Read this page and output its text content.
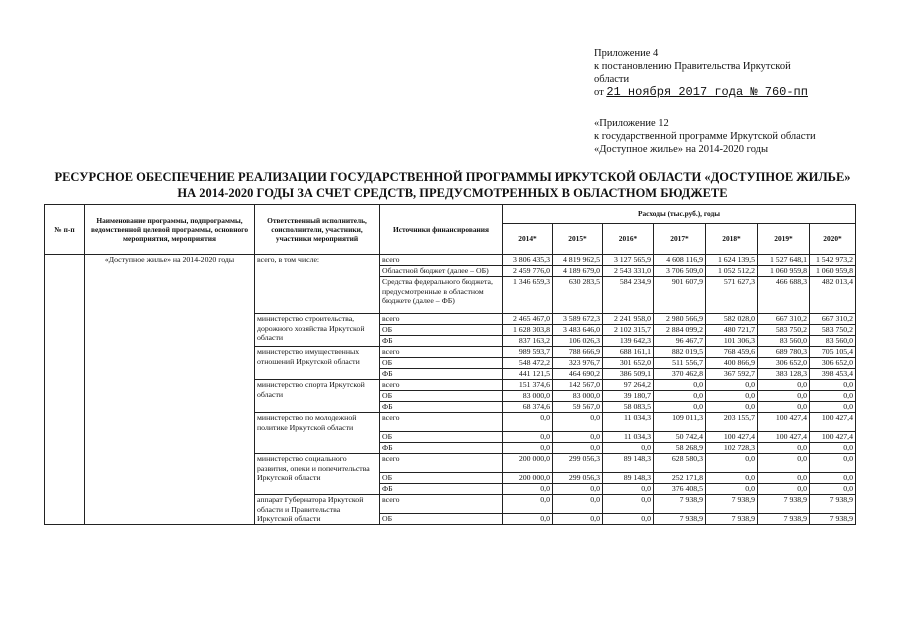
Приложение 4
к постановлению Правительства Иркутской
области
от 21 ноября 2017 года № 760-пп
«Приложение 12
к государственной программе Иркутской области
«Доступное жилье» на 2014-2020 годы
РЕСУРСНОЕ ОБЕСПЕЧЕНИЕ РЕАЛИЗАЦИИ ГОСУДАРСТВЕННОЙ ПРОГРАММЫ ИРКУТСКОЙ ОБЛАСТИ «ДОСТУПНОЕ ЖИЛЬЕ»
НА 2014-2020 ГОДЫ ЗА СЧЕТ СРЕДСТВ, ПРЕДУСМОТРЕННЫХ В ОБЛАСТНОМ БЮДЖЕТЕ
№ п-п	Наименование программы, подпрограммы, ведомственной целевой программы, основного мероприятия, мероприятия	Ответственный исполнитель, соисполнители, участники, участники мероприятий	Источники финансирования	Расходы (тыс.руб.), годы						
				2014*	2015*	2016*	2017*	2018*	2019*	2020*
	«Доступное жилье» на 2014-2020 годы	всего, в том числе:	всего	3 806 435,3	4 819 962,5	3 127 565,9	4 608 116,9	1 624 139,5	1 527 648,1	1 542 973,2
			Областной бюджет (далее – ОБ)	2 459 776,0	4 189 679,0	2 543 331,0	3 706 509,0	1 052 512,2	1 060 959,8	1 060 959,8
			Средства федерального бюджета, предусмотренные в областном бюджете (далее – ФБ)	1 346 659,3	630 283,5	584 234,9	901 607,9	571 627,3	466 688,3	482 013,4
		министерство строительства, дорожного хозяйства Иркутской области	всего	2 465 467,0	3 589 672,3	2 241 958,0	2 980 566,9	582 028,0	667 310,2	667 310,2
			ОБ	1 628 303,8	3 483 646,0	2 102 315,7	2 884 099,2	480 721,7	583 750,2	583 750,2
			ФБ	837 163,2	106 026,3	139 642,3	96 467,7	101 306,3	83 560,0	83 560,0
		министерство имущественных отношений Иркутской области	всего	989 593,7	788 666,9	688 161,1	882 019,5	768 459,6	689 780,3	705 105,4
			ОБ	548 472,2	323 976,7	301 652,0	511 556,7	400 866,9	306 652,0	306 652,0
			ФБ	441 121,5	464 690,2	386 509,1	370 462,8	367 592,7	383 128,3	398 453,4
		министерство спорта Иркутской области	всего	151 374,6	142 567,0	97 264,2	0,0	0,0	0,0	0,0
			ОБ	83 000,0	83 000,0	39 180,7	0,0	0,0	0,0	0,0
			ФБ	68 374,6	59 567,0	58 083,5	0,0	0,0	0,0	0,0
		министерство по молодежной политике Иркутской области	всего	0,0	0,0	11 034,3	109 011,3	203 155,7	100 427,4	100 427,4
			ОБ	0,0	0,0	11 034,3	50 742,4	100 427,4	100 427,4	100 427,4
			ФБ	0,0	0,0	0,0	58 268,9	102 728,3	0,0	0,0
		министерство социального развития, опеки и попечительства Иркутской области	всего	200 000,0	299 056,3	89 148,3	628 580,3	0,0	0,0	0,0
			ОБ	200 000,0	299 056,3	89 148,3	252 171,8	0,0	0,0	0,0
			ФБ	0,0	0,0	0,0	376 408,5	0,0	0,0	0,0
		аппарат Губернатора Иркутской области и Правительства Иркутской области	всего	0,0	0,0	0,0	7 938,9	7 938,9	7 938,9	7 938,9
			ОБ	0,0	0,0	0,0	7 938,9	7 938,9	7 938,9	7 938,9
